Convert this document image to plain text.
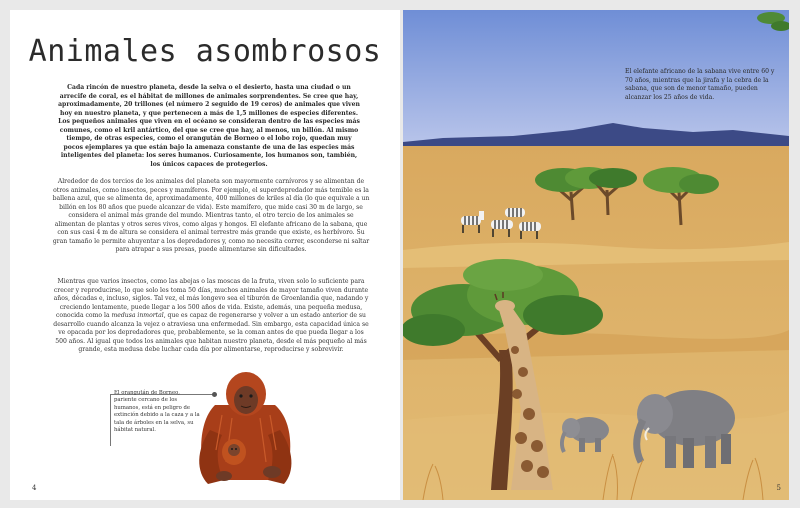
Animales asombrosos

Cada rincón de nuestro planeta, desde la selva o el desierto, hasta una ciudad o un arrecife de coral, es el hábitat de millones de animales sorprendentes. Se cree que hay, aproximadamente, 20 trillones (el número 2 seguido de 19 ceros) de animales que viven hoy en nuestro planeta, y que pertenecen a más de 1,5 millones de especies diferentes. Los pequeños animales que viven en el océano se consideran dentro de las especies más comunes, como el kril antártico, del que se cree que hay, al menos, un billón. Al mismo tiempo, de otras especies, como el orangután de Borneo o el lobo rojo, quedan muy pocos ejemplares ya que están bajo la amenaza constante de una de las especies más inteligentes del planeta: los seres humanos. Curiosamente, los humanos son, también, los únicos capaces de protegerlos.

Alrededor de dos tercios de los animales del planeta son mayormente carnívoros y se alimentan de otros animales, como insectos, peces y mamíferos. Por ejemplo, el superdepredador más temible es la ballena azul, que se alimenta de, aproximadamente, 400 millones de kriles al día (lo que equivale a un billón en los 80 años que puede alcanzar de vida). Este mamífero, que mide casi 30 m de largo, se considera el animal más grande del mundo. Mientras tanto, el otro tercio de los animales se alimentan de plantas y otros seres vivos, como algas y hongos. El elefante africano de la sabana, que con sus casi 4 m de altura se considera el animal terrestre más grande que existe, es herbívoro. Su gran tamaño le permite ahuyentar a los depredadores y, como no necesita correr, esconderse ni saltar para atrapar a sus presas, puede alimentarse sin dificultades.

Mientras que varios insectos, como las abejas o las moscas de la fruta, viven solo lo suficiente para crecer y reproducirse, lo que solo les toma 50 días, muchos animales de mayor tamaño viven durante años, décadas e, incluso, siglos. Tal vez, el más longevo sea el tiburón de Groenlandia que, nadando y creciendo lentamente, puede llegar a los 500 años de vida. Existe, además, una pequeña medusa, conocida como la medusa inmortal, que es capaz de regenerarse y volver a un estado anterior de su desarrollo cuando alcanza la vejez o atraviesa una enfermedad. Sin embargo, esta capacidad única se ve opacada por los depredadores que, probablemente, se la coman antes de que pueda llegar a los 500 años. Al igual que todos los animales que habitan nuestro planeta, desde el más pequeño al más grande, esta medusa debe luchar cada día por alimentarse, reproducirse y sobrevivir.

El orangután de Borneo, pariente cercano de los humanos, está en peligro de extinción debido a la caza y a la tala de árboles en la selva, su hábitat natural.

4

El elefante africano de la sabana vive entre 60 y 70 años, mientras que la jirafa y la cebra de la sabana, que son de menor tamaño, pueden alcanzar los 25 años de vida.

5
